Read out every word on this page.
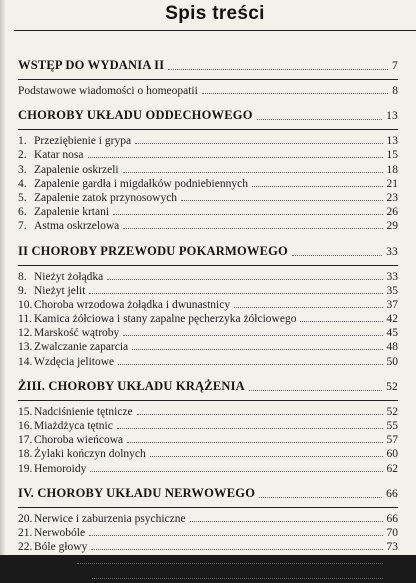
Spis treści
WSTĘP DO WYDANIA II	7
Podstawowe wiadomości o homeopatii	8
CHOROBY UKŁADU ODDECHOWEGO	13
1. Przeziębienie i grypa	13
2. Katar nosa	15
3. Zapalenie oskrzeli	18
4. Zapalenie gardła i migdałków podniebiennych	21
5. Zapalenie zatok przynosowych	23
6. Zapalenie krtani	26
7. Astma oskrzelowa	29
II CHOROBY PRZEWODU POKARMOWEGO	33
8. Nieżyt żołądka	33
9. Nieżyt jelit	35
10. Choroba wrzodowa żołądka i dwunastnicy	37
11. Kamica żółciowa i stany zapalne pęcherzyka żółciowego	42
12. Marskość wątroby	45
13. Zwalczanie zaparcia	48
14. Wzdęcia jelitowe	50
ŻIII. CHOROBY UKŁADU KRĄŻENIA	52
15. Nadciśnienie tętnicze	52
16. Miażdżyca tętnic	55
17. Choroba wieńcowa	57
18. Żylaki kończyn dolnych	60
19. Hemoroidy	62
IV. CHOROBY UKŁADU NERWOWEGO	66
20. Nerwice i zaburzenia psychiczne	66
21. Nerwobóle	70
22. Bóle głowy	73
23. Migrena	76
24. Bezsenność	78
